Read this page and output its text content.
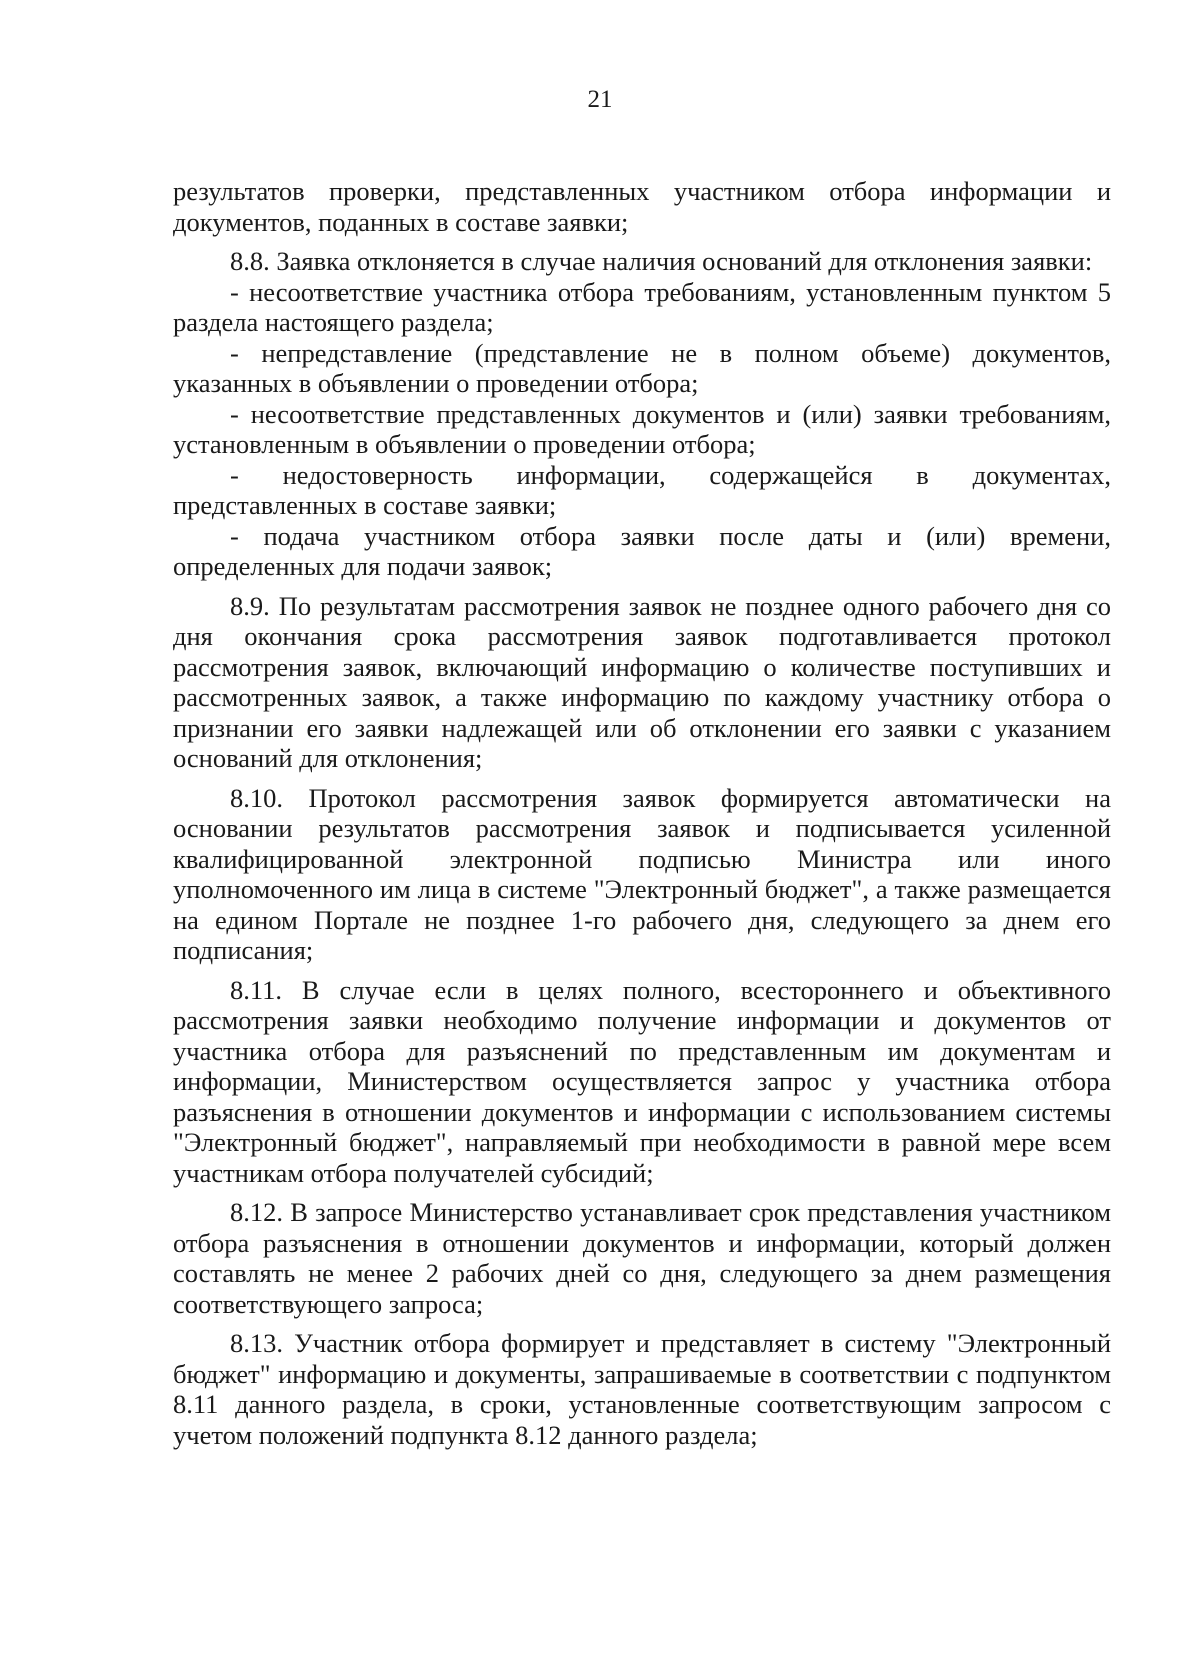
21

результатов проверки, представленных участником отбора информации и документов, поданных в составе заявки;

8.8. Заявка отклоняется в случае наличия оснований для отклонения заявки:

- несоответствие участника отбора требованиям, установленным пунктом 5 раздела настоящего раздела;

- непредставление (представление не в полном объеме) документов, указанных в объявлении о проведении отбора;

- несоответствие представленных документов и (или) заявки требованиям, установленным в объявлении о проведении отбора;

- недостоверность информации, содержащейся в документах, представленных в составе заявки;

- подача участником отбора заявки после даты и (или) времени, определенных для подачи заявок;

8.9. По результатам рассмотрения заявок не позднее одного рабочего дня со дня окончания срока рассмотрения заявок подготавливается протокол рассмотрения заявок, включающий информацию о количестве поступивших и рассмотренных заявок, а также информацию по каждому участнику отбора о признании его заявки надлежащей или об отклонении его заявки с указанием оснований для отклонения;

8.10. Протокол рассмотрения заявок формируется автоматически на основании результатов рассмотрения заявок и подписывается усиленной квалифицированной электронной подписью Министра или иного уполномоченного им лица в системе "Электронный бюджет", а также размещается на едином Портале не позднее 1-го рабочего дня, следующего за днем его подписания;

8.11. В случае если в целях полного, всестороннего и объективного рассмотрения заявки необходимо получение информации и документов от участника отбора для разъяснений по представленным им документам и информации, Министерством осуществляется запрос у участника отбора разъяснения в отношении документов и информации с использованием системы "Электронный бюджет", направляемый при необходимости в равной мере всем участникам отбора получателей субсидий;

8.12. В запросе Министерство устанавливает срок представления участником отбора разъяснения в отношении документов и информации, который должен составлять не менее 2 рабочих дней со дня, следующего за днем размещения соответствующего запроса;

8.13. Участник отбора формирует и представляет в систему "Электронный бюджет" информацию и документы, запрашиваемые в соответствии с подпунктом 8.11 данного раздела, в сроки, установленные соответствующим запросом с учетом положений подпункта 8.12 данного раздела;
